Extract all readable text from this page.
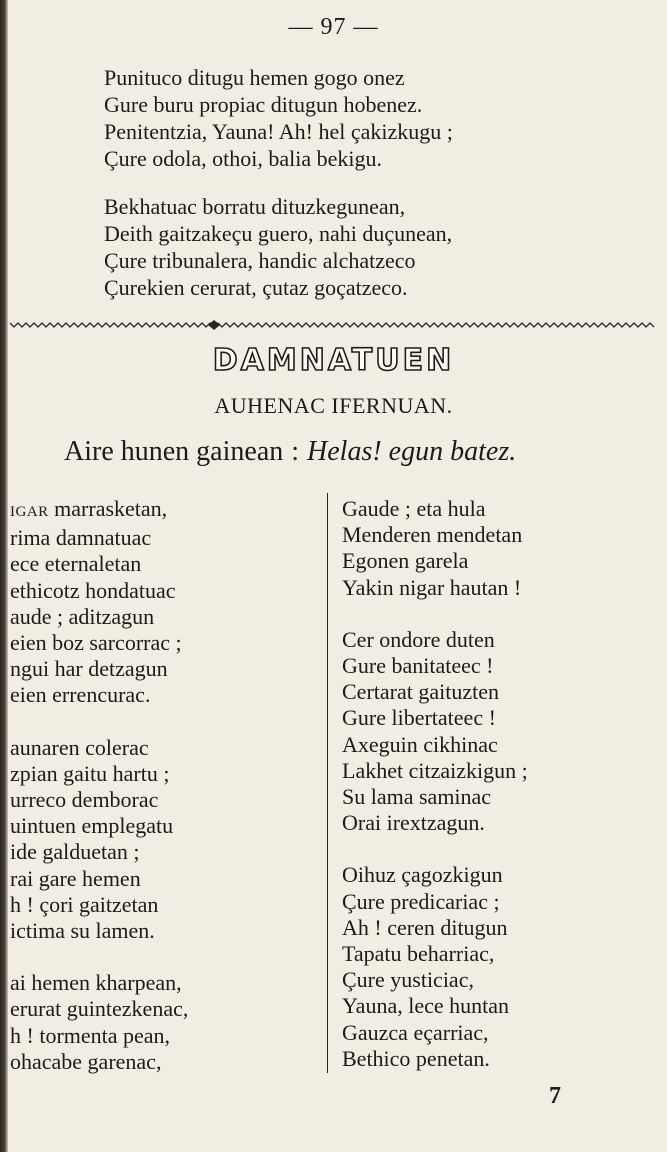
— 97 —
Punituco ditugu hemen gogo onez
Gure buru propiac ditugun hobenez.
Penitentzia, Yauna! Ah! hel çakizkugu ;
Çure odola, othoi, balia bekigu.
Bekhatuac borratu dituzkegunean,
Deith gaitzakeçu guero, nahi duçunean,
Çure tribunalera, handic alchatzeco
Çurekien cerurat, çutaz goçatzeco.
DAMNATUEN
AUHENAC IFERNUAN.
Aire hunen gainean : Helas! egun batez.
IGAR marrasketan,
rima damnatuac
ece eternaletan
ethicotz hondatuac
aude ; aditzagun
eien boz sarcorrac ;
ngui har detzagun
eien errencurac.
aunaren colerac
zpian gaitu hartu ;
urreco demborac
uintuen emplegatu
ide galduetan ;
rai gare hemen
h ! çori gaitzetan
ictima su lamen.
ai hemen kharpean,
erurat guintezkenac,
h ! tormenta pean,
ohacabe garenac,
Gaude ; eta hula
Menderen mendetan
Egonen garela
Yakin nigar hautan !
Cer ondore duten
Gure banitateec !
Certarat gaituzten
Gure libertateec !
Axeguin cikhinac
Lakhet citzaizkigun ;
Su lama saminac
Orai irextzagun.
Oihuz çagozkigun
Çure predicariac ;
Ah ! ceren ditugun
Tapatu beharriac,
Çure yusticiac,
Yauna, lece huntan
Gauzca eçarriac,
Bethico penetan.
7
